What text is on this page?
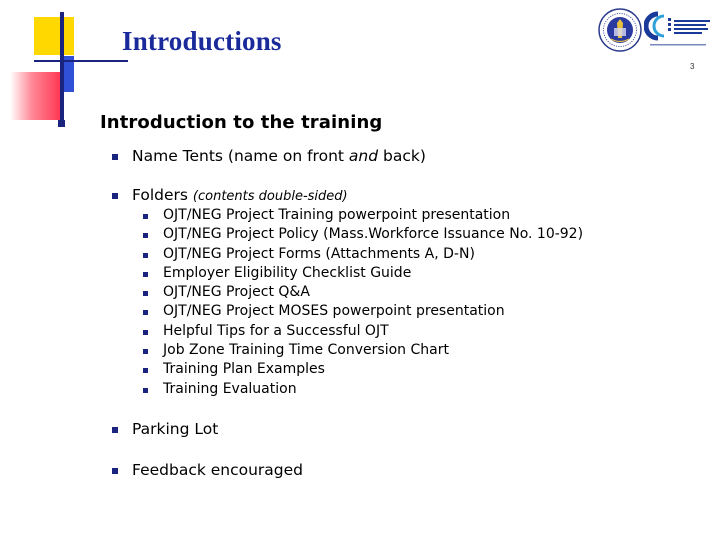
Introductions
3
Introduction to the training
Name Tents (name on front and back)
Folders (contents double-sided)
OJT/NEG Project Training powerpoint presentation
OJT/NEG Project Policy (Mass.Workforce Issuance No. 10-92)
OJT/NEG Project Forms (Attachments A, D-N)
Employer Eligibility Checklist Guide
OJT/NEG Project Q&A
OJT/NEG Project MOSES powerpoint presentation
Helpful Tips for a Successful OJT
Job Zone Training Time Conversion Chart
Training Plan Examples
Training Evaluation
Parking Lot
Feedback encouraged
